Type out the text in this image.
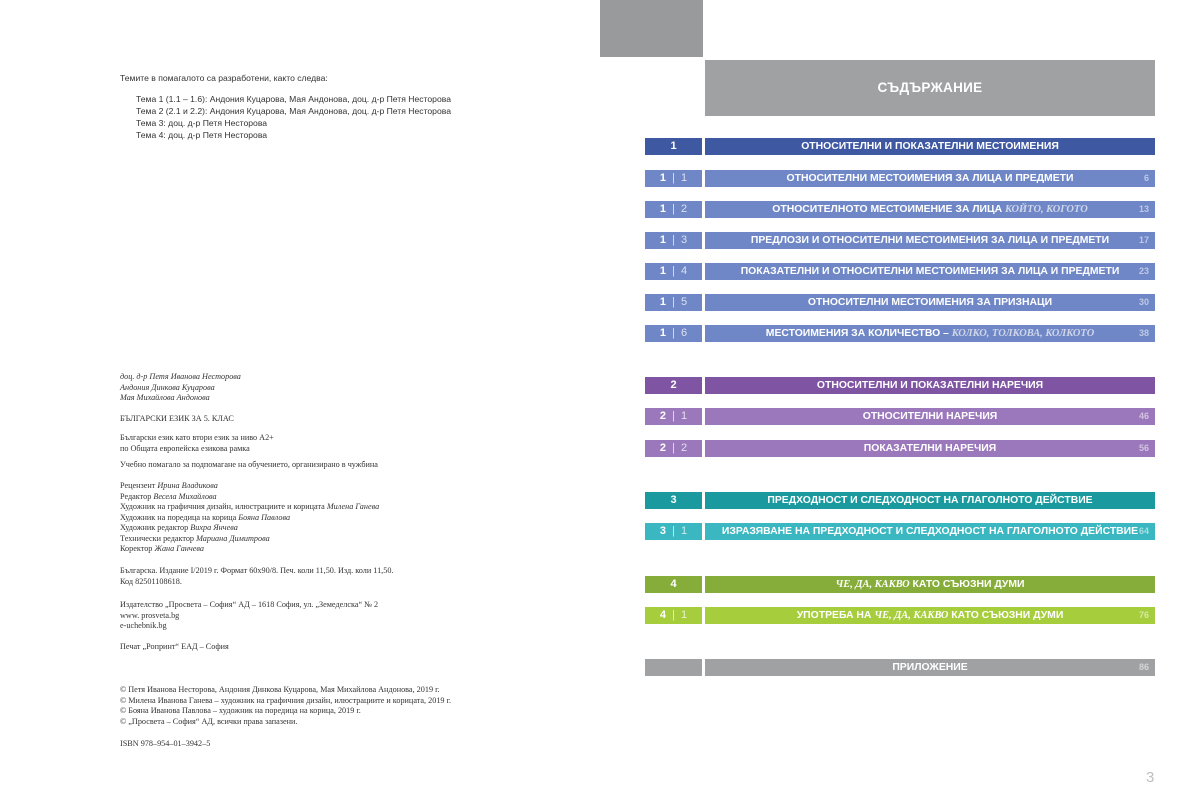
Темите в помагалото са разработени, както следва:
Тема 1 (1.1 – 1.6): Андония Куцарова, Мая Андонова, доц. д-р Петя Несторова
Тема 2 (2.1 и 2.2): Андония Куцарова, Мая Андонова, доц. д-р Петя Несторова
Тема 3: доц. д-р Петя Несторова
Тема 4: доц. д-р Петя Несторова
доц. д-р Петя Иванова Несторова
Андония Динкова Куцарова
Мая Михайлова Андонова
БЪЛГАРСКИ ЕЗИК ЗА 5. КЛАС
Български език като втори език за ниво А2+
по Общата европейска езикова рамка
Учебно помагало за подпомагане на обучението, организирано в чужбина
Рецензент Ирина Владикова
Редактор Весела Михайлова
Художник на графичния дизайн, илюстрациите и корицата Милена Ганева
Художник на поредица на корица Бояна Павлова
Художник редактор Вихра Янчева
Технически редактор Мариана Димитрова
Коректор Жана Ганчева
Българска. Издание I/2019 г. Формат 60x90/8. Печ. коли 11,50. Изд. коли 11,50.
Код 82501108618.
Издателство „Просвета – София“ АД – 1618 София, ул. „Земеделска“ № 2
www. prosveta.bg
e-uchebnik.bg
Печат „Ропринт“ ЕАД – София
© Петя Иванова Несторова, Андония Динкова Куцарова, Мая Михайлова Андонова, 2019 г.
© Милена Иванова Ганева – художник на графичния дизайн, илюстрациите и корицата, 2019 г.
© Бояна Иванова Павлова – художник на поредица на корица, 2019 г.
© „Просвета – София“ АД, всички права запазени.
ISBN 978–954–01–3942–5
СЪДЪРЖАНИЕ
1	ОТНОСИТЕЛНИ И ПОКАЗАТЕЛНИ МЕСТОИМЕНИЯ
1  |  1	ОТНОСИТЕЛНИ МЕСТОИМЕНИЯ ЗА ЛИЦА И ПРЕДМЕТИ	6
1  |  2	ОТНОСИТЕЛНОТО МЕСТОИМЕНИЕ ЗА ЛИЦА КОЙТО, КОГОТО	13
1  |  3	ПРЕДЛОЗИ И ОТНОСИТЕЛНИ МЕСТОИМЕНИЯ ЗА ЛИЦА И ПРЕДМЕТИ	17
1  |  4	ПОКАЗАТЕЛНИ И ОТНОСИТЕЛНИ МЕСТОИМЕНИЯ ЗА ЛИЦА И ПРЕДМЕТИ 23
1  |  5	ОТНОСИТЕЛНИ МЕСТОИМЕНИЯ ЗА ПРИЗНАЦИ	30
1  |  6	МЕСТОИМЕНИЯ ЗА КОЛИЧЕСТВО – КОЛКО, ТОЛКОВА, КОЛКОТО	38
2	ОТНОСИТЕЛНИ И ПОКАЗАТЕЛНИ НАРЕЧИЯ
2  |  1	ОТНОСИТЕЛНИ НАРЕЧИЯ	46
2  |  2	ПОКАЗАТЕЛНИ НАРЕЧИЯ	56
3	ПРЕДХОДНОСТ И СЛЕДХОДНОСТ НА ГЛАГОЛНОТО ДЕЙСТВИЕ
3  |  1	ИЗРАЗЯВАНЕ НА ПРЕДХОДНОСТ И СЛЕДХОДНОСТ НА ГЛАГОЛНОТО ДЕЙСТВИЕ 64
4	ЧЕ, ДА, КАКВО КАТО СЪЮЗНИ ДУМИ
4  |  1	УПОТРЕБА НА ЧЕ, ДА, КАКВО КАТО СЪЮЗНИ ДУМИ	76
ПРИЛОЖЕНИЕ	86
3
